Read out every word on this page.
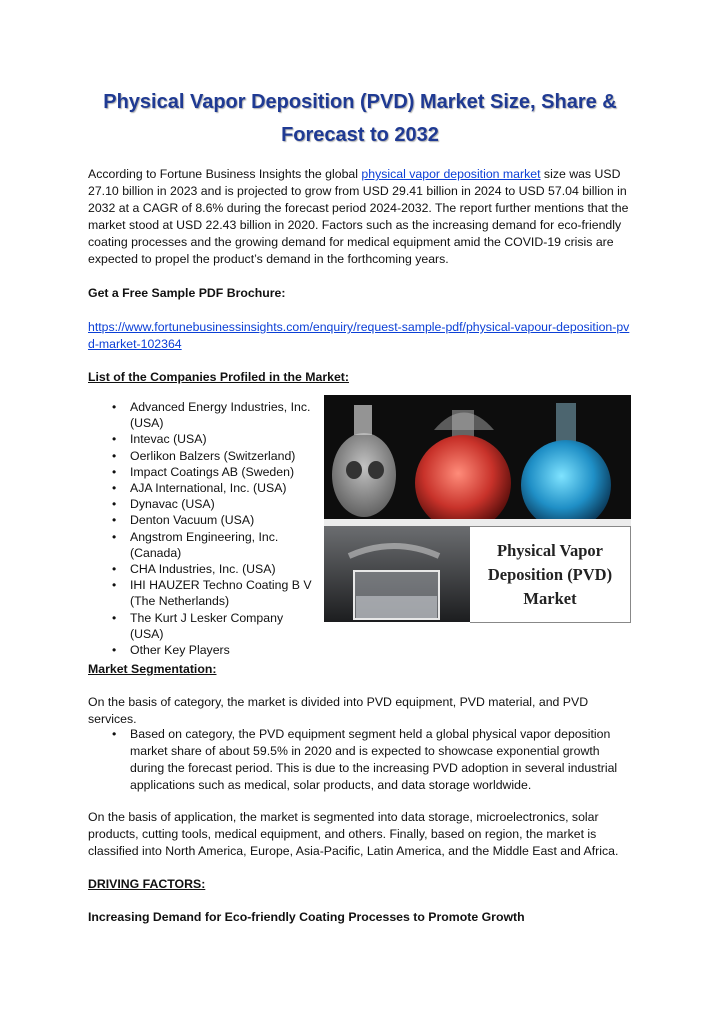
Physical Vapor Deposition (PVD) Market Size, Share & Forecast to 2032

According to Fortune Business Insights the global physical vapor deposition market size was USD 27.10 billion in 2023 and is projected to grow from USD 29.41 billion in 2024 to USD 57.04 billion in 2032 at a CAGR of 8.6% during the forecast period 2024-2032. The report further mentions that the market stood at USD 22.43 billion in 2020. Factors such as the increasing demand for eco-friendly coating processes and the growing demand for medical equipment amid the COVID-19 crisis are expected to propel the product’s demand in the forthcoming years.

Get a Free Sample PDF Brochure:

https://www.fortunebusinessinsights.com/enquiry/request-sample-pdf/physical-vapour-deposition-pvd-market-102364

List of the Companies Profiled in the Market:

• Advanced Energy Industries, Inc. (USA)
• Intevac (USA)
• Oerlikon Balzers (Switzerland)
• Impact Coatings AB (Sweden)
• AJA International, Inc. (USA)
• Dynavac (USA)
• Denton Vacuum (USA)
• Angstrom Engineering, Inc. (Canada)
• CHA Industries, Inc. (USA)
• IHI HAUZER Techno Coating B V (The Netherlands)
• The Kurt J Lesker Company (USA)
• Other Key Players
Physical Vapor Deposition (PVD) Market

Market Segmentation:

On the basis of category, the market is divided into PVD equipment, PVD material, and PVD services.

• Based on category, the PVD equipment segment held a global physical vapor deposition market share of about 59.5% in 2020 and is expected to showcase exponential growth during the forecast period. This is due to the increasing PVD adoption in several industrial applications such as medical, solar products, and data storage worldwide.

On the basis of application, the market is segmented into data storage, microelectronics, solar products, cutting tools, medical equipment, and others. Finally, based on region, the market is classified into North America, Europe, Asia-Pacific, Latin America, and the Middle East and Africa.

DRIVING FACTORS:

Increasing Demand for Eco-friendly Coating Processes to Promote Growth
